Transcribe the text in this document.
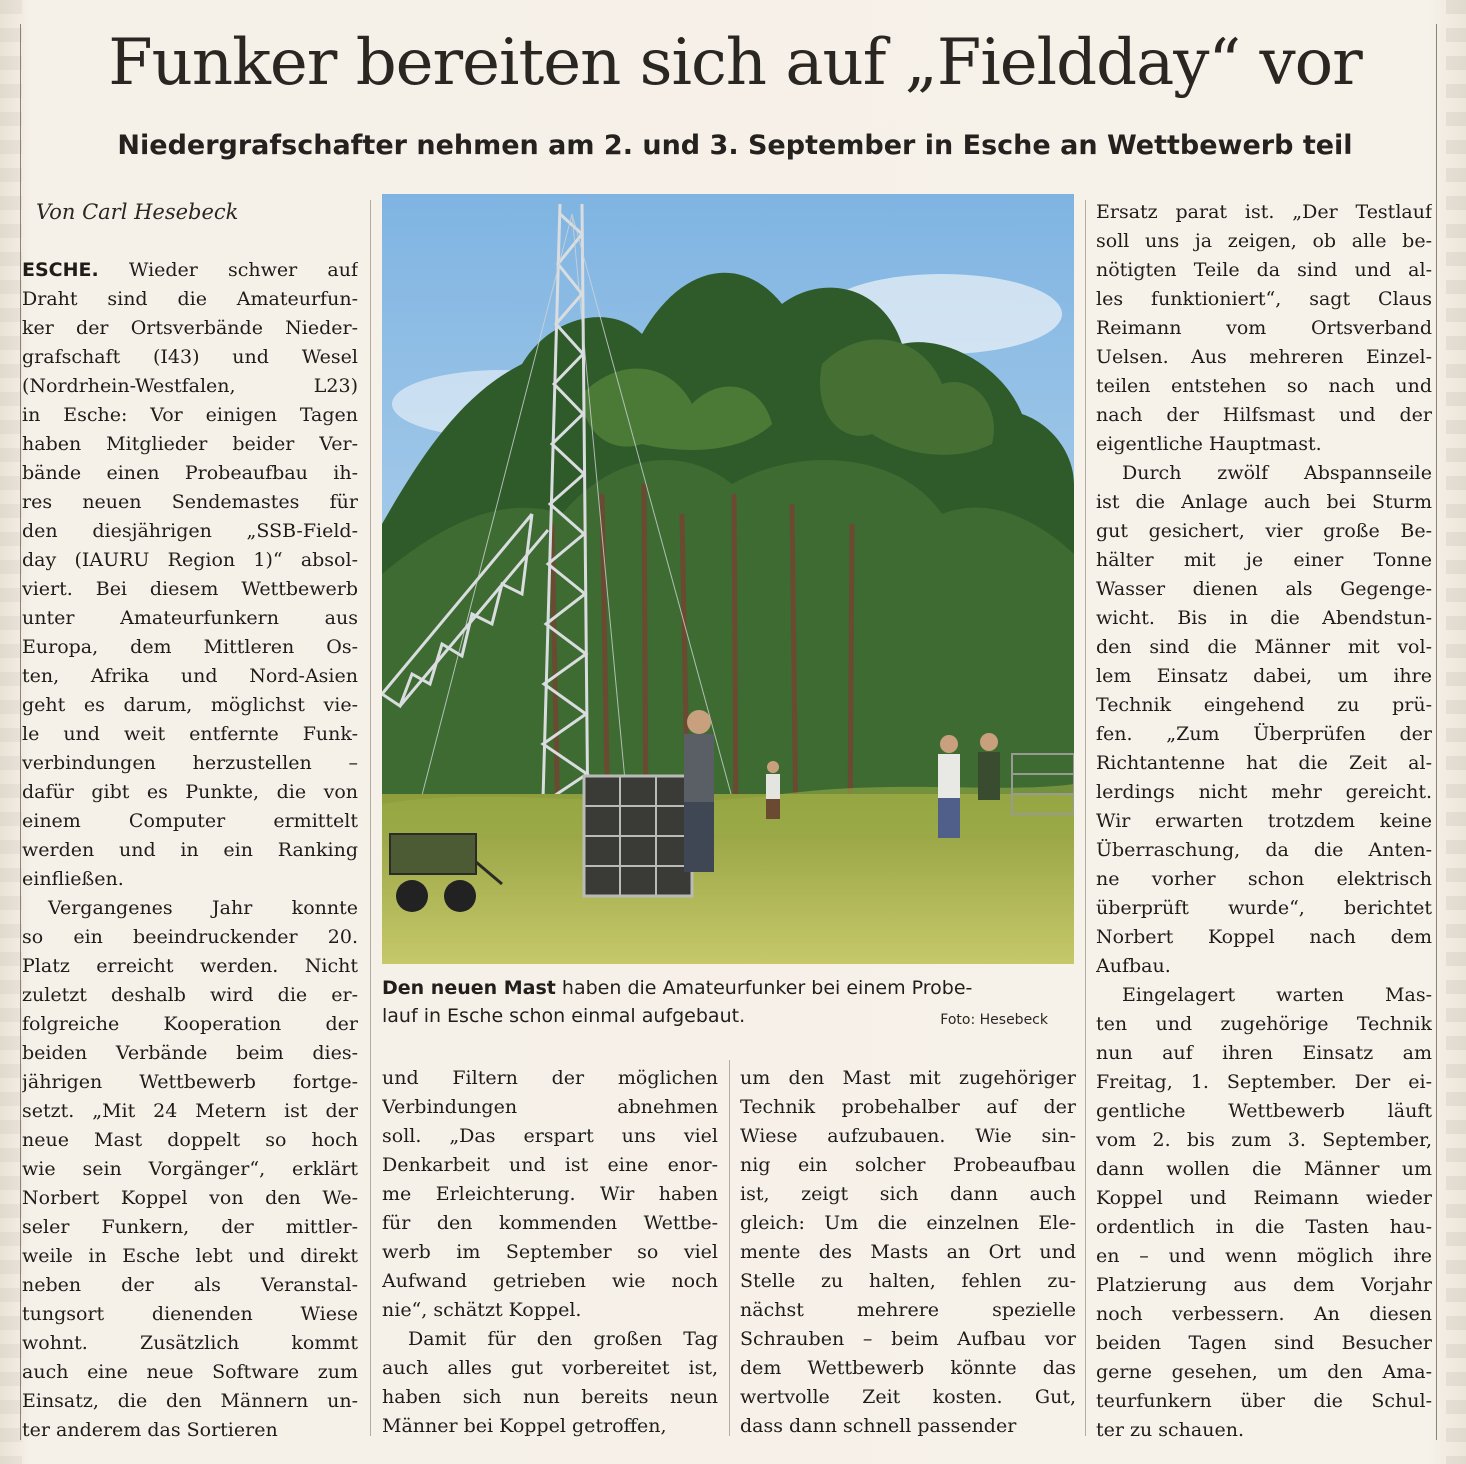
Funker bereiten sich auf „Fieldday“ vor
Niedergrafschafter nehmen am 2. und 3. September in Esche an Wettbewerb teil
Von Carl Hesebeck
ESCHE. Wieder schwer auf
Draht sind die Amateurfun-
ker der Ortsverbände Nieder-
grafschaft (I43) und Wesel
(Nordrhein-Westfalen, L23)
in Esche: Vor einigen Tagen
haben Mitglieder beider Ver-
bände einen Probeaufbau ih-
res neuen Sendemastes für
den diesjährigen „SSB-Field-
day (IAURU Region 1)“ absol-
viert. Bei diesem Wettbewerb
unter Amateurfunkern aus
Europa, dem Mittleren Os-
ten, Afrika und Nord-Asien
geht es darum, möglichst vie-
le und weit entfernte Funk-
verbindungen herzustellen –
dafür gibt es Punkte, die von
einem Computer ermittelt
werden und in ein Ranking
einfließen.
Vergangenes Jahr konnte
so ein beeindruckender 20.
Platz erreicht werden. Nicht
zuletzt deshalb wird die er-
folgreiche Kooperation der
beiden Verbände beim dies-
jährigen Wettbewerb fortge-
setzt. „Mit 24 Metern ist der
neue Mast doppelt so hoch
wie sein Vorgänger“, erklärt
Norbert Koppel von den We-
seler Funkern, der mittler-
weile in Esche lebt und direkt
neben der als Veranstal-
tungsort dienenden Wiese
wohnt. Zusätzlich kommt
auch eine neue Software zum
Einsatz, die den Männern un-
ter anderem das Sortieren
Den neuen Mast haben die Amateurfunker bei einem Probe-
lauf in Esche schon einmal aufgebaut.	Foto: Hesebeck
und Filtern der möglichen
Verbindungen abnehmen
soll. „Das erspart uns viel
Denkarbeit und ist eine enor-
me Erleichterung. Wir haben
für den kommenden Wettbe-
werb im September so viel
Aufwand getrieben wie noch
nie“, schätzt Koppel.
Damit für den großen Tag
auch alles gut vorbereitet ist,
haben sich nun bereits neun
Männer bei Koppel getroffen,
um den Mast mit zugehöriger
Technik probehalber auf der
Wiese aufzubauen. Wie sin-
nig ein solcher Probeaufbau
ist, zeigt sich dann auch
gleich: Um die einzelnen Ele-
mente des Masts an Ort und
Stelle zu halten, fehlen zu-
nächst mehrere spezielle
Schrauben – beim Aufbau vor
dem Wettbewerb könnte das
wertvolle Zeit kosten. Gut,
dass dann schnell passender
Ersatz parat ist. „Der Testlauf
soll uns ja zeigen, ob alle be-
nötigten Teile da sind und al-
les funktioniert“, sagt Claus
Reimann vom Ortsverband
Uelsen. Aus mehreren Einzel-
teilen entstehen so nach und
nach der Hilfsmast und der
eigentliche Hauptmast.
Durch zwölf Abspannseile
ist die Anlage auch bei Sturm
gut gesichert, vier große Be-
hälter mit je einer Tonne
Wasser dienen als Gegenge-
wicht. Bis in die Abendstun-
den sind die Männer mit vol-
lem Einsatz dabei, um ihre
Technik eingehend zu prü-
fen. „Zum Überprüfen der
Richtantenne hat die Zeit al-
lerdings nicht mehr gereicht.
Wir erwarten trotzdem keine
Überraschung, da die Anten-
ne vorher schon elektrisch
überprüft wurde“, berichtet
Norbert Koppel nach dem
Aufbau.
Eingelagert warten Mas-
ten und zugehörige Technik
nun auf ihren Einsatz am
Freitag, 1. September. Der ei-
gentliche Wettbewerb läuft
vom 2. bis zum 3. September,
dann wollen die Männer um
Koppel und Reimann wieder
ordentlich in die Tasten hau-
en – und wenn möglich ihre
Platzierung aus dem Vorjahr
noch verbessern. An diesen
beiden Tagen sind Besucher
gerne gesehen, um den Ama-
teurfunkern über die Schul-
ter zu schauen.
